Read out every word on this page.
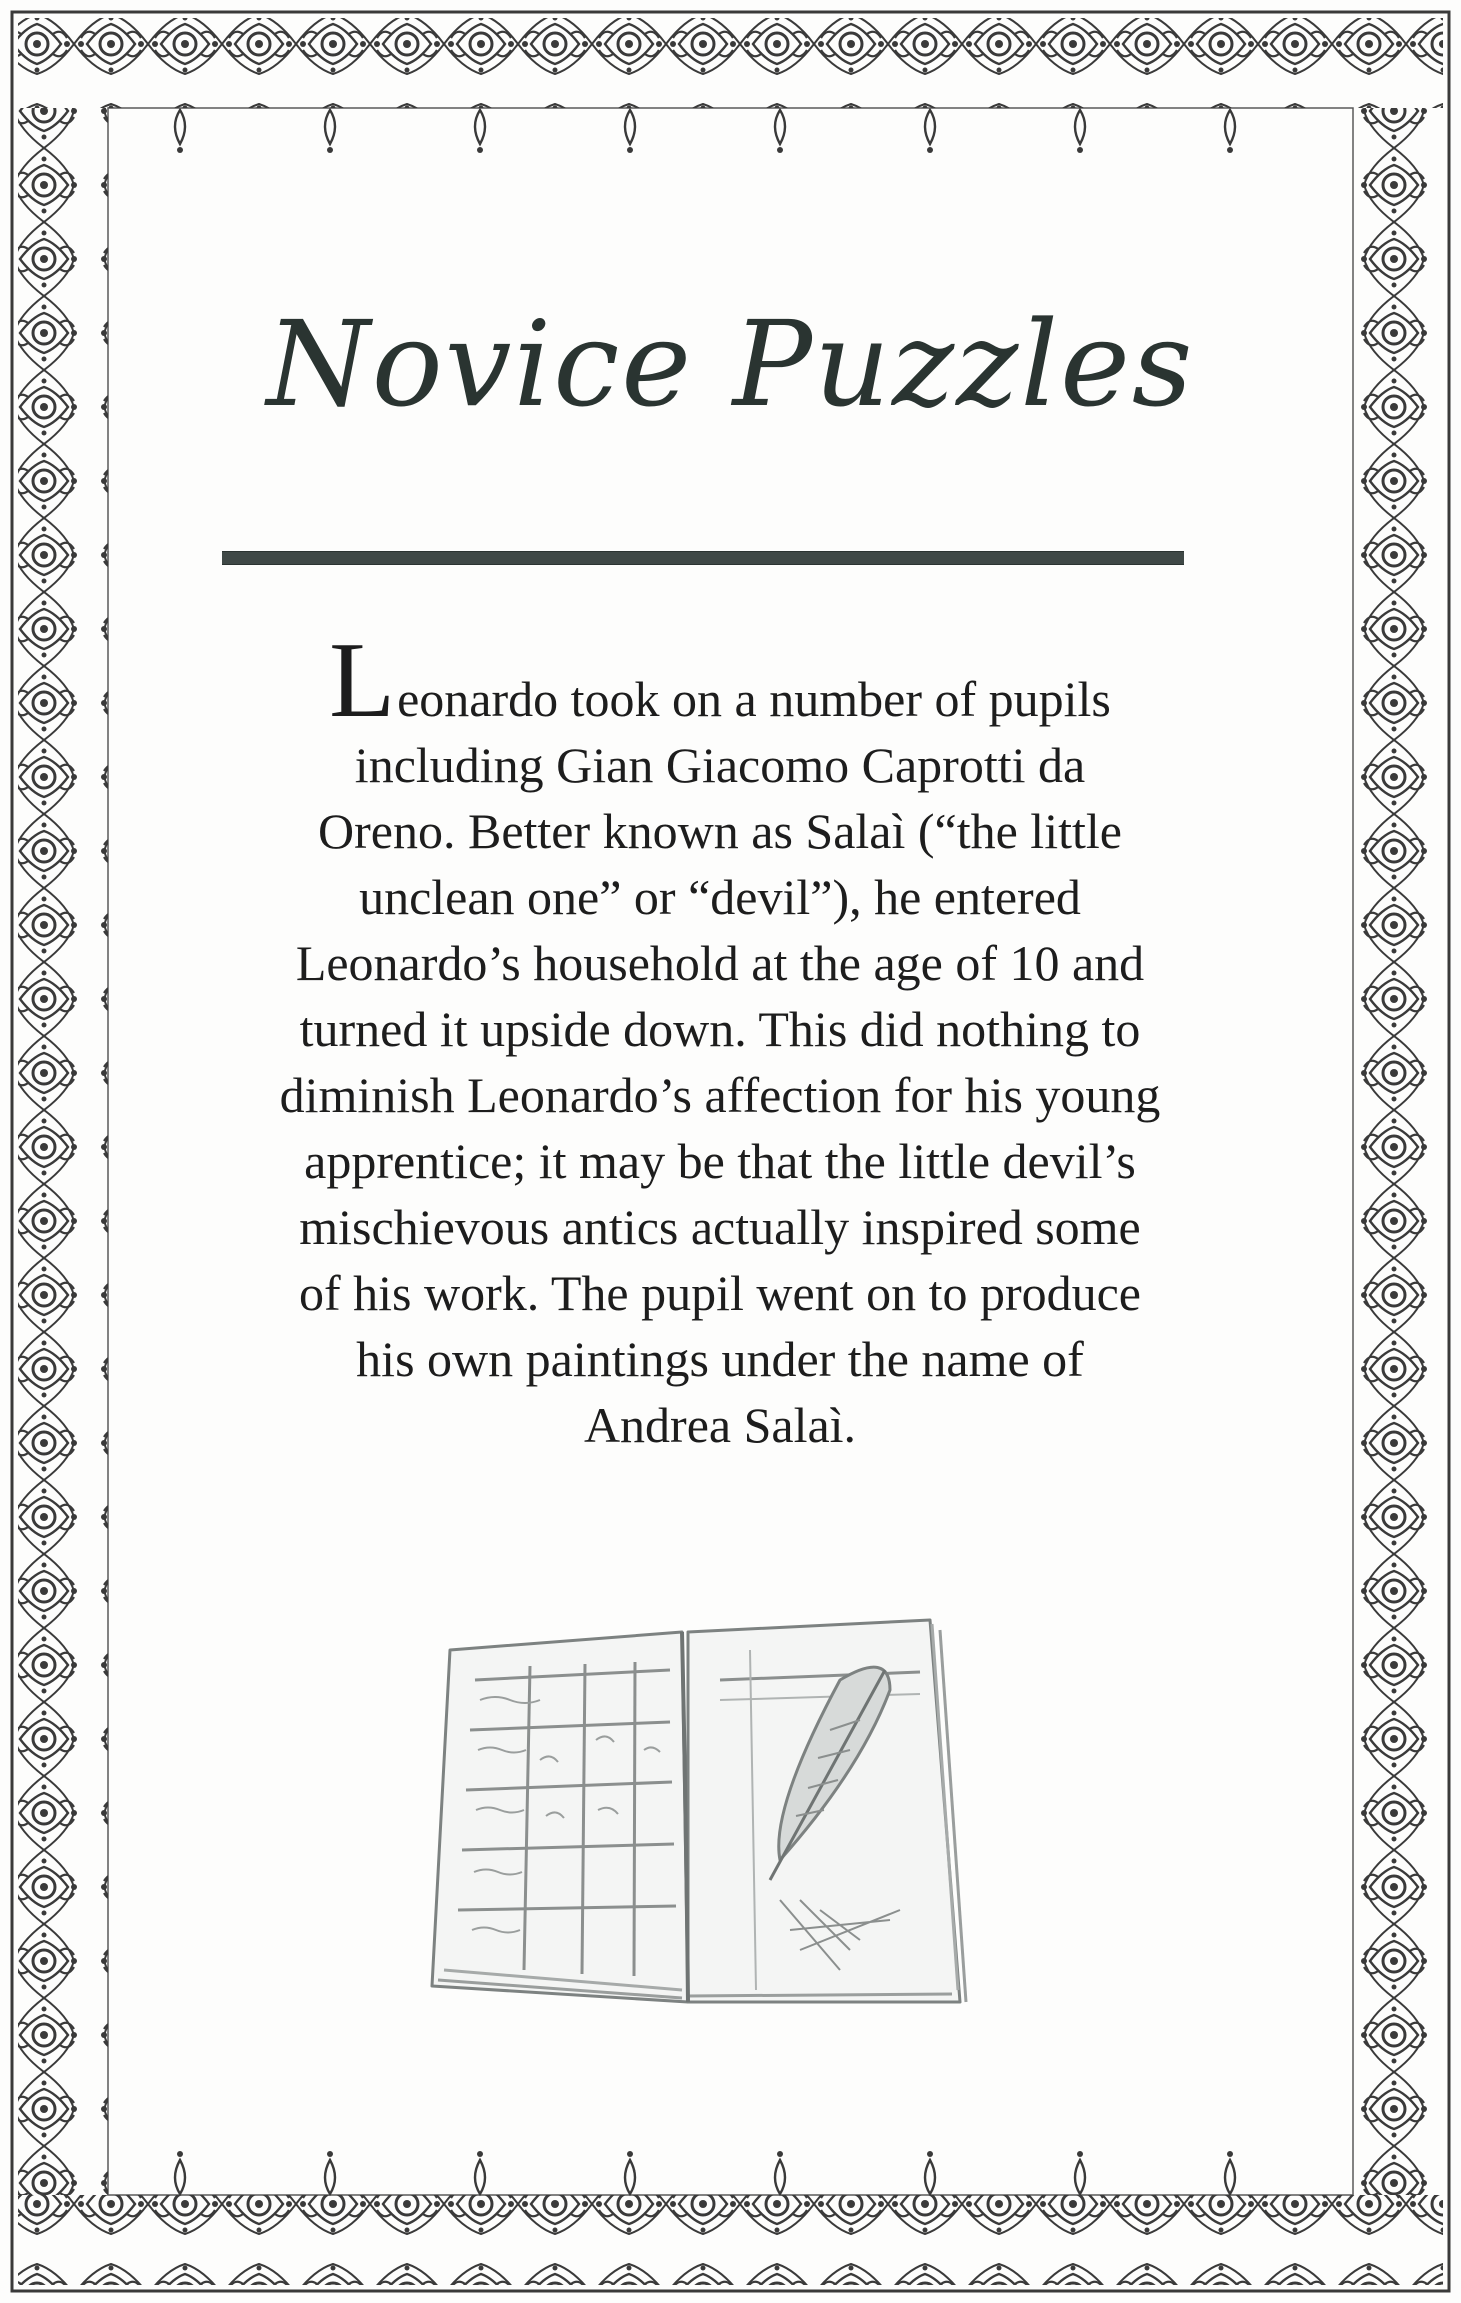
Novice Puzzles
Leonardo took on a number of pupils
including Gian Giacomo Caprotti da
Oreno. Better known as Salaì (“the little
unclean one” or “devil”), he entered
Leonardo’s household at the age of 10 and
turned it upside down. This did nothing to
diminish Leonardo’s affection for his young
apprentice; it may be that the little devil’s
mischievous antics actually inspired some
of his work. The pupil went on to produce
his own paintings under the name of
Andrea Salaì.
